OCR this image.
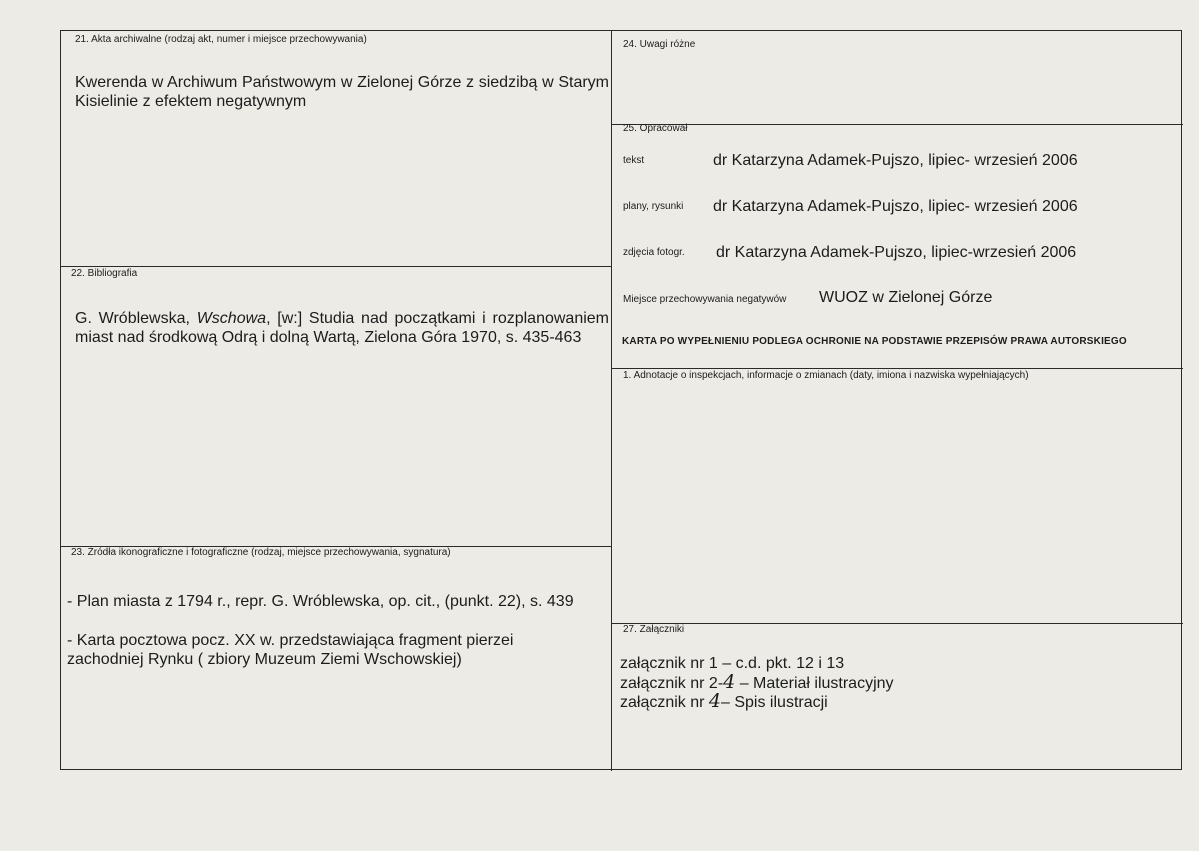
21. Akta archiwalne (rodzaj akt, numer i miejsce przechowywania)
Kwerenda w Archiwum Państwowym w Zielonej Górze z siedzibą w Starym Kisielinie z efektem negatywnym
22. Bibliografia
G. Wróblewska, Wschowa, [w:] Studia nad początkami i rozplanowaniem miast nad środkową Odrą i dolną Wartą, Zielona Góra 1970, s. 435-463
23. Źródła ikonograficzne i fotograficzne (rodzaj, miejsce przechowywania, sygnatura)
- Plan miasta z 1794 r., repr. G. Wróblewska, op. cit., (punkt. 22), s. 439
- Karta pocztowa pocz. XX w. przedstawiająca fragment pierzei zachodniej Rynku ( zbiory Muzeum Ziemi Wschowskiej)
24. Uwagi różne
25. Opracował
tekst	dr Katarzyna Adamek-Pujszo, lipiec- wrzesień 2006
plany, rysunki dr Katarzyna Adamek-Pujszo, lipiec- wrzesień 2006
zdjęcia fotogr. dr Katarzyna Adamek-Pujszo, lipiec-wrzesień 2006
Miejsce przechowywania negatywów WUOZ w Zielonej Górze
KARTA PO WYPEŁNIENIU PODLEGA OCHRONIE NA PODSTAWIE PRZEPISÓW PRAWA AUTORSKIEGO
1. Adnotacje o inspekcjach, informacje o zmianach (daty, imiona i nazwiska wypełniających)
27. Załączniki
załącznik nr 1 – c.d. pkt. 12 i 13
załącznik nr 2-4 – Materiał ilustracyjny
załącznik nr 4– Spis ilustracji
